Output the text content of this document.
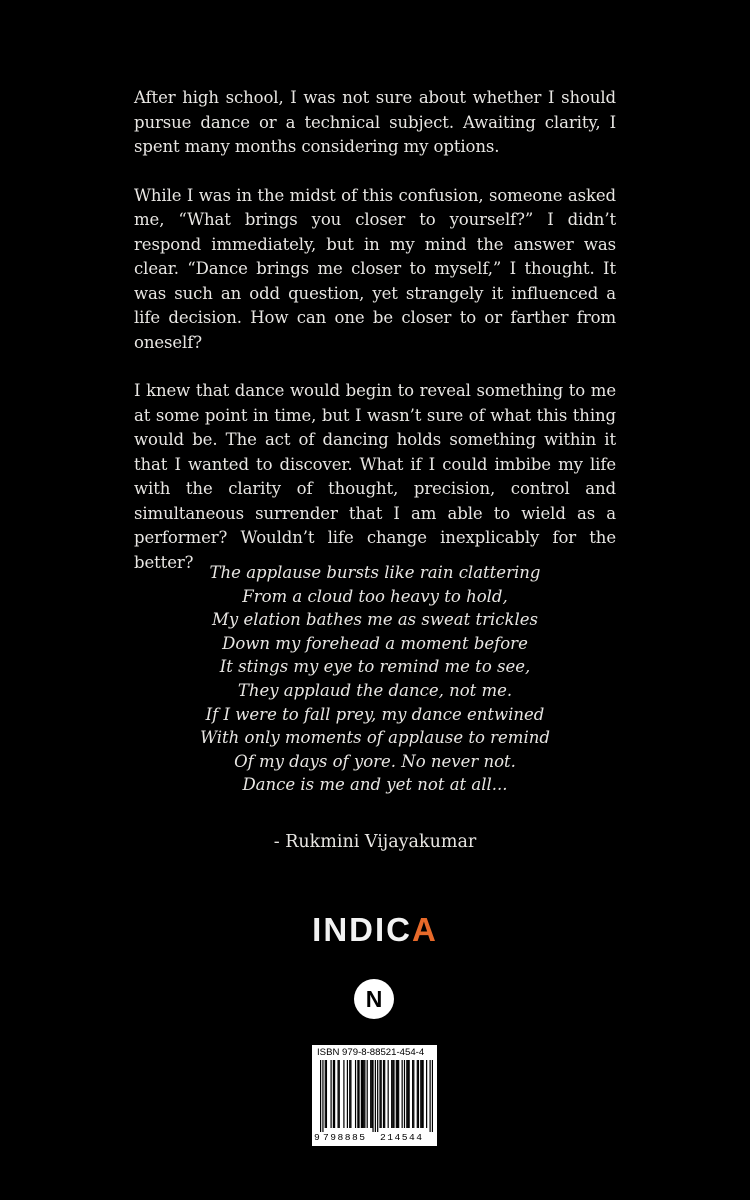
After high school, I was not sure about whether I should pursue dance or a technical subject. Awaiting clarity, I spent many months considering my options.

While I was in the midst of this confusion, someone asked me, “What brings you closer to yourself?” I didn’t respond immediately, but in my mind the answer was clear. “Dance brings me closer to myself,” I thought. It was such an odd question, yet strangely it influenced a life decision. How can one be closer to or farther from oneself?

I knew that dance would begin to reveal something to me at some point in time, but I wasn’t sure of what this thing would be. The act of dancing holds something within it that I wanted to discover. What if I could imbibe my life with the clarity of thought, precision, control and simultaneous surrender that I am able to wield as a performer? Wouldn’t life change inexplicably for the better?

The applause bursts like rain clattering
From a cloud too heavy to hold,
My elation bathes me as sweat trickles
Down my forehead a moment before
It stings my eye to remind me to see,
They applaud the dance, not me.
If I were to fall prey, my dance entwined
With only moments of applause to remind
Of my days of yore. No never not.
Dance is me and yet not at all...
- Rukmini Vijayakumar
INDICA
N
ISBN 979-8-88521-454-4
9 798885 214544
